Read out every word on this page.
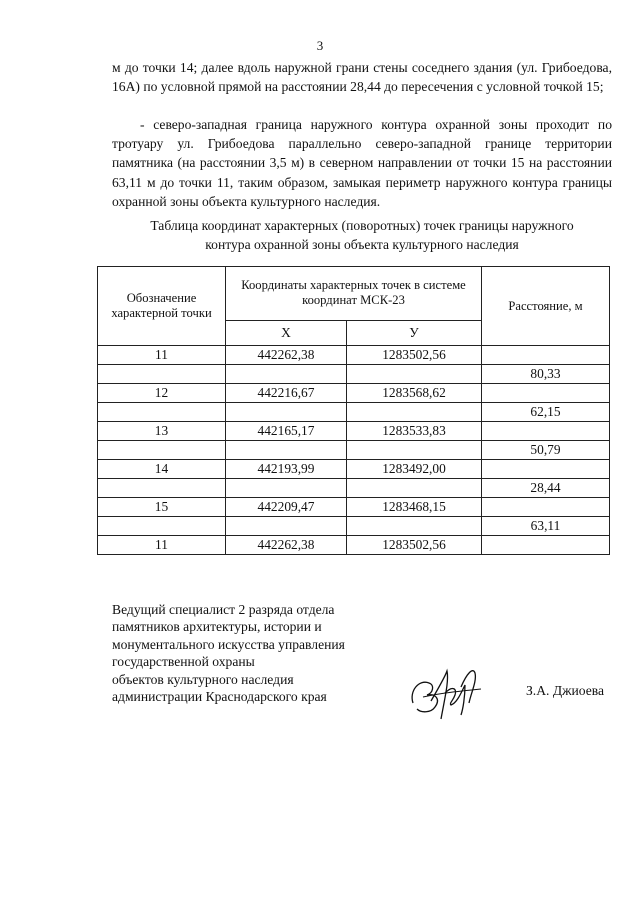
3

м до точки 14; далее вдоль наружной грани стены соседнего здания (ул. Грибоедова, 16А) по условной прямой на расстоянии 28,44 до пересечения с условной точкой 15;

- северо-западная граница наружного контура охранной зоны проходит по тротуару ул. Грибоедова параллельно северо-западной границе территории памятника (на расстоянии 3,5 м) в северном направлении от точки 15 на расстоянии 63,11 м до точки 11, таким образом, замыкая периметр наружного контура границы охранной зоны объекта культурного наследия.

Таблица координат характерных (поворотных) точек границы наружного
контура охранной зоны объекта культурного наследия
Обозначение характерной точки	Координаты характерных точек в системе координат МСК-23		Расстояние, м
	X	У	
11	442262,38	1283502,56	
			80,33
12	442216,67	1283568,62	
			62,15
13	442165,17	1283533,83	
			50,79
14	442193,99	1283492,00	
			28,44
15	442209,47	1283468,15	
			63,11
11	442262,38	1283502,56	
Ведущий специалист 2 разряда отдела
памятников архитектуры, истории и
монументального искусства управления
государственной охраны
объектов культурного наследия
администрации Краснодарского края	З.А. Джиоева
